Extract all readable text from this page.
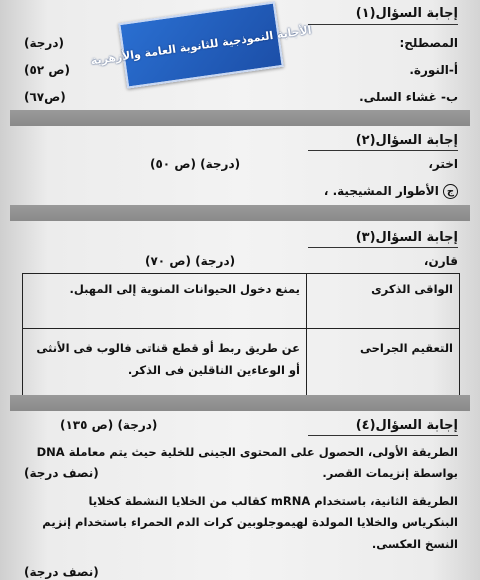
إجابة السؤال(١)
الأجابة النموذجية للثانوية العامة والأزهرية	المصطلح:
(درجة)
أ-النورة.
(ص ٥٢)
ب- غشاء السلى.
(ص٦٧)
إجابة السؤال(٢)
اختر،
(درجة) (ص ٥٠)
ج الأطوار المشيجية. ،
إجابة السؤال(٣)
قارن،
(درجة) (ص ٧٠)
الواقى الذكرى	يمنع دخول الحيوانات المنوية إلى المهبل.
التعقيم الجراحى	عن طريق ربط أو قطع قناتى فالوب فى الأنثى أو الوعاءين الناقلين فى الذكر.
إجابة السؤال(٤)
(درجة) (ص ١٣٥)
الطريقة الأولى، الحصول على المحتوى الجينى للخلية حيث يتم معاملة DNA
بواسطة إنزيمات القصر.
(نصف درجة)
الطريقة الثانية، باستخدام mRNA كقالب من الخلايا النشطة كخلايا
البنكرياس والخلايا المولدة لهيموجلوبين كرات الدم الحمراء باستخدام إنزيم
النسخ العكسى.
(نصف درجة)
